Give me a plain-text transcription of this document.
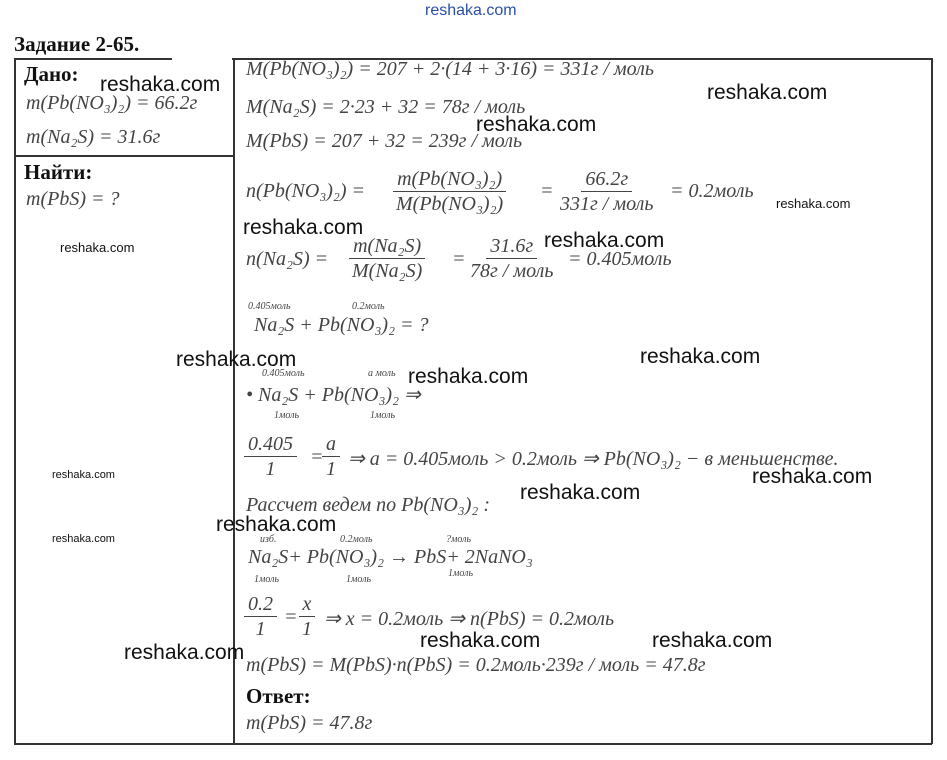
reshaka.com
Задание 2-65.
Дано:
m(Pb(NO₃)₂) = 66.2г
m(Na₂S) = 31.6г
Найти:
m(PbS) = ?
M(Pb(NO₃)₂) = 207 + 2·(14 + 3·16) = 331г / моль
M(Na₂S) = 2·23 + 32 = 78г / моль
M(PbS) = 207 + 32 = 239г / моль
$n(Pb(NO_3)_2) = \frac{\text{m(Pb(NO₃)₂)}}{\text{M(Pb(NO₃)₂)}}$ =
66.2г
331г / моль
= 0.2моль
$n(Na_2S) = \frac{\text{m(Na₂S)}}{\text{M(Na₂S)}}$ =
31.6г
78г / моль
= 0.405моль
0.405моль	0.2моль
Na₂S + Pb(NO₃)₂ = ?
0.405моль	a моль
• Na₂S + Pb(NO₃)₂ ⇒
1моль	1моль
$\frac{0.405}{1}$ =
$\frac{a}{1}$ ⇒ a = 0.405моль > 0.2моль ⇒ Pb(NO₃)₂ − в меньшенстве.
Рассчет ведем по Pb(NO₃)₂ :
изб.	0.2моль	?моль
Na₂S+ Pb(NO₃)₂ → PbS+ 2NaNO₃
1моль	1моль
1моль
$\frac{0.2}{1} = \frac{x}{1}$ ⇒ x = 0.2моль ⇒ n(PbS) = 0.2моль
m(PbS) = M(PbS)·n(PbS) = 0.2моль·239г / моль = 47.8г
Ответ:
m(PbS) = 47.8г
reshaka.com	reshaka.com
reshaka.com
reshaka.com
reshaka.com
reshaka.com
reshaka.com
reshaka.com	reshaka.com
reshaka.com
reshaka.com	reshaka.com
reshaka.com
reshaka.com
reshaka.com
reshaka.com	reshaka.com
reshaka.com
